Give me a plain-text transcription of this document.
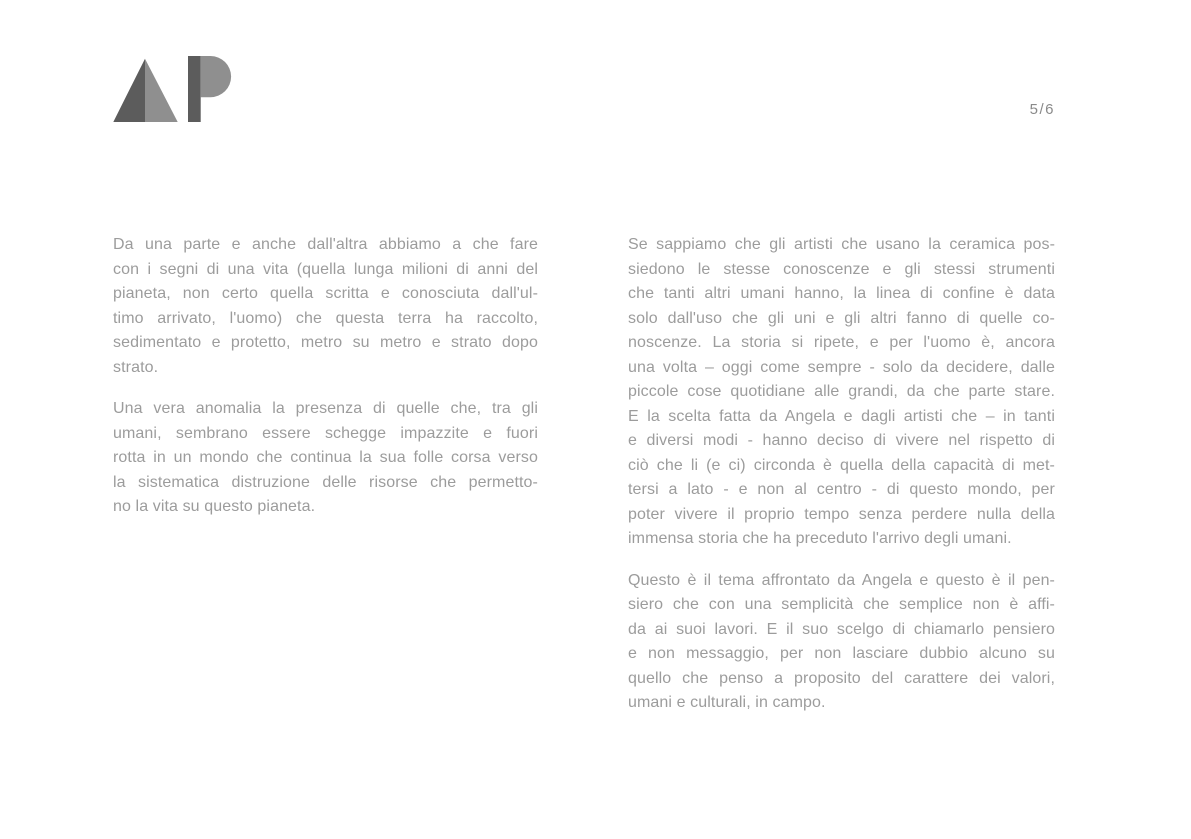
5/6
Da una parte e anche dall'altra abbiamo a che fare
con i segni di una vita (quella lunga milioni di anni del
pianeta, non certo quella scritta e conosciuta dall'ul-
timo arrivato, l'uomo) che questa terra ha raccolto,
sedimentato e protetto, metro su metro e strato dopo
strato.
Una vera anomalia la presenza di quelle che, tra gli
umani, sembrano essere schegge impazzite e fuori
rotta in un mondo che continua la sua folle corsa verso
la sistematica distruzione delle risorse che permetto-
no la vita su questo pianeta.
Se sappiamo che gli artisti che usano la ceramica pos-
siedono le stesse conoscenze e gli stessi strumenti
che tanti altri umani hanno, la linea di confine è data
solo dall'uso che gli uni e gli altri fanno di quelle co-
noscenze. La storia si ripete, e per l'uomo è, ancora
una volta – oggi come sempre - solo da decidere, dalle
piccole cose quotidiane alle grandi, da che parte stare.
E la scelta fatta da Angela e dagli artisti che – in tanti
e diversi modi - hanno deciso di vivere nel rispetto di
ciò che li (e ci) circonda è quella della capacità di met-
tersi a lato - e non al centro - di questo mondo, per
poter vivere il proprio tempo senza perdere nulla della
immensa storia che ha preceduto l'arrivo degli umani.
Questo è il tema affrontato da Angela e questo è il pen-
siero che con una semplicità che semplice non è affi-
da ai suoi lavori. E il suo scelgo di chiamarlo pensiero
e non messaggio, per non lasciare dubbio alcuno su
quello che penso a proposito del carattere dei valori,
umani e culturali, in campo.
